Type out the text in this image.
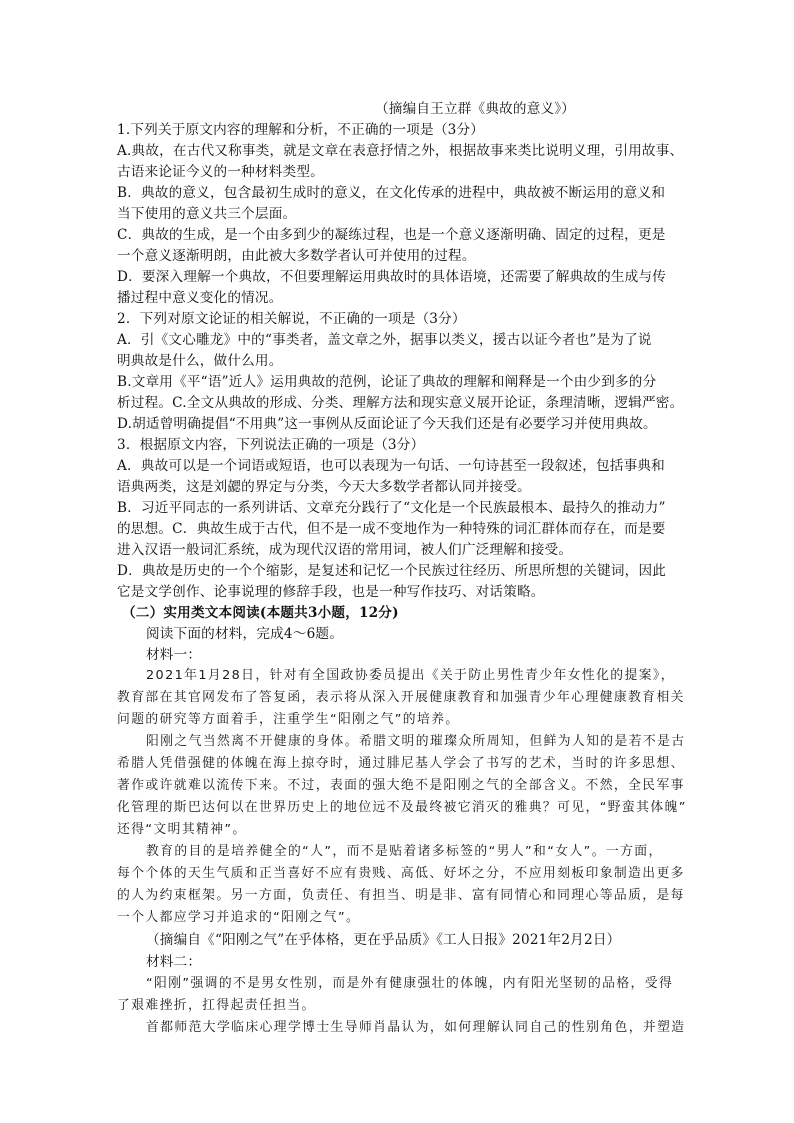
（摘编自王立群《典故的意义》）
1.下列关于原文内容的理解和分析，不正确的一项是（3分）
A.典故，在古代又称事类，就是文章在表意抒情之外，根据故事来类比说明义理，引用故事、
古语来论证今义的一种材料类型。
B．典故的意义，包含最初生成时的意义，在文化传承的进程中，典故被不断运用的意义和
当下使用的意义共三个层面。
C．典故的生成，是一个由多到少的凝练过程，也是一个意义逐渐明确、固定的过程，更是
一个意义逐渐明朗，由此被大多数学者认可并使用的过程。
D．要深入理解一个典故，不但要理解运用典故时的具体语境，还需要了解典故的生成与传
播过程中意义变化的情况。
2．下列对原文论证的相关解说，不正确的一项是（3分）
A．引《文心雕龙》中的“事类者，盖文章之外，据事以类义，援古以证今者也”是为了说
明典故是什么，做什么用。
B.文章用《平“语”近人》运用典故的范例，论证了典故的理解和阐释是一个由少到多的分
析过程。C.全文从典故的形成、分类、理解方法和现实意义展开论证，条理清晰，逻辑严密。
D.胡适曾明确提倡“不用典”这一事例从反面论证了今天我们还是有必要学习并使用典故。
3．根据原文内容，下列说法正确的一项是（3分）
A．典故可以是一个词语或短语，也可以表现为一句话、一句诗甚至一段叙述，包括事典和
语典两类，这是刘勰的界定与分类，今天大多数学者都认同并接受。
B．习近平同志的一系列讲话、文章充分践行了“文化是一个民族最根本、最持久的推动力”
的思想。C．典故生成于古代，但不是一成不变地作为一种特殊的词汇群体而存在，而是要
进入汉语一般词汇系统，成为现代汉语的常用词，被人们广泛理解和接受。
D．典故是历史的一个个缩影，是复述和记忆一个民族过往经历、所思所想的关键词，因此
它是文学创作、论事说理的修辞手段，也是一种写作技巧、对话策略。
（二）实用类文本阅读(本题共3小题，12分)
阅读下面的材料，完成4～6题。
材料一：
2021年1月28日，针对有全国政协委员提出《关于防止男性青少年女性化的提案》，
教育部在其官网发布了答复函，表示将从深入开展健康教育和加强青少年心理健康教育相关
问题的研究等方面着手，注重学生“阳刚之气”的培养。
阳刚之气当然离不开健康的身体。希腊文明的璀璨众所周知，但鲜为人知的是若不是古
希腊人凭借强健的体魄在海上掠夺时，通过腓尼基人学会了书写的艺术，当时的许多思想、
著作或许就难以流传下来。不过，表面的强大绝不是阳刚之气的全部含义。不然，全民军事
化管理的斯巴达何以在世界历史上的地位远不及最终被它消灭的雅典？可见，“野蛮其体魄”
还得“文明其精神”。
教育的目的是培养健全的“人”，而不是贴着诸多标签的“男人”和“女人”。一方面，
每个个体的天生气质和正当喜好不应有贵贱、高低、好坏之分，不应用刻板印象制造出更多
的人为约束框架。另一方面，负责任、有担当、明是非、富有同情心和同理心等品质，是每
一个人都应学习并追求的“阳刚之气”。
（摘编自《“阳刚之气”在乎体格，更在乎品质》《工人日报》2021年2月2日）
材料二：
“阳刚”强调的不是男女性别，而是外有健康强壮的体魄，内有阳光坚韧的品格，受得
了艰难挫折，扛得起责任担当。
首都师范大学临床心理学博士生导师肖晶认为，如何理解认同自己的性别角色，并塑造
